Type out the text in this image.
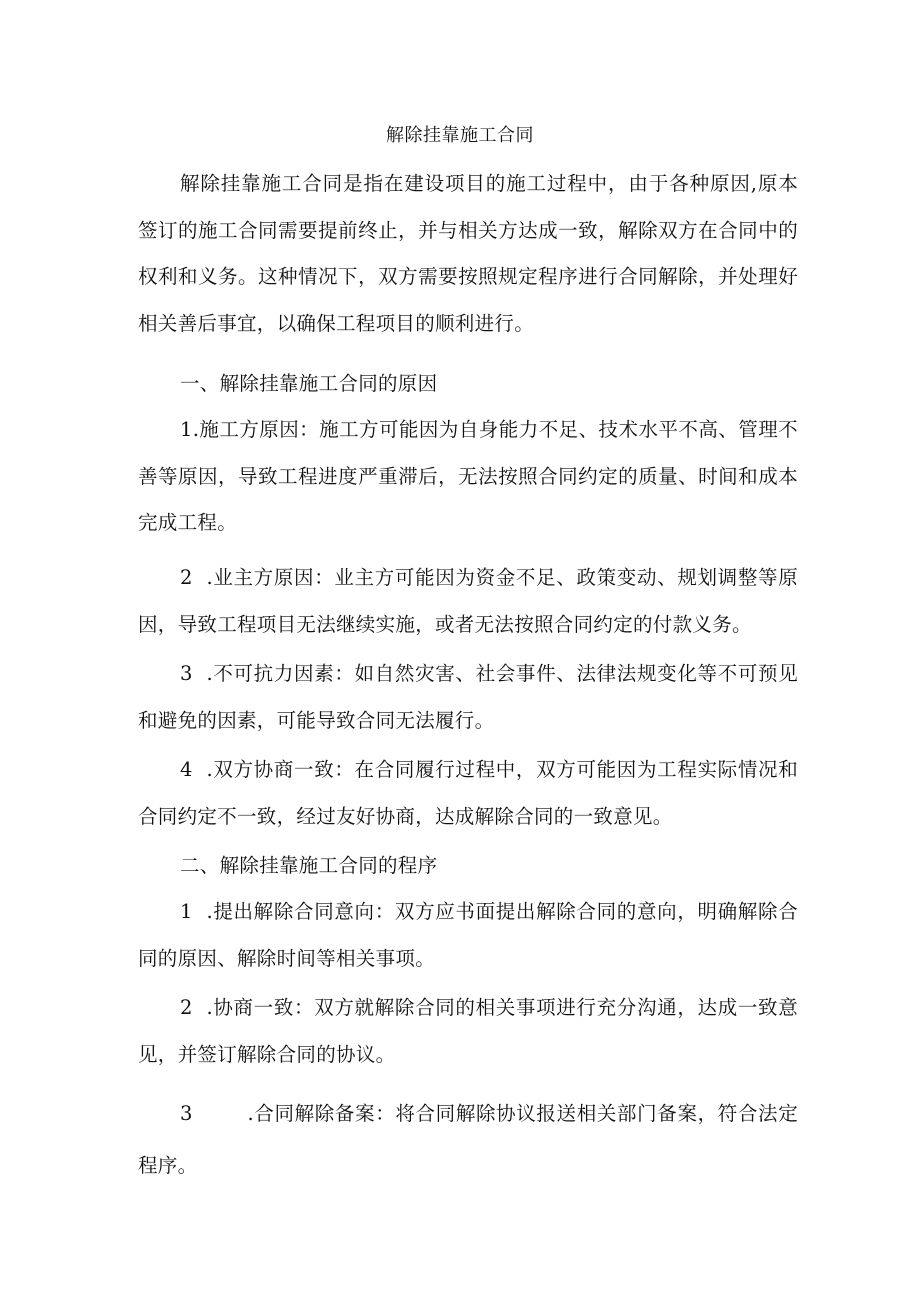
解除挂靠施工合同

解除挂靠施工合同是指在建设项目的施工过程中，由于各种原因,原本签订的施工合同需要提前终止，并与相关方达成一致，解除双方在合同中的权利和义务。这种情况下，双方需要按照规定程序进行合同解除，并处理好相关善后事宜，以确保工程项目的顺利进行。

一、解除挂靠施工合同的原因

1.施工方原因：施工方可能因为自身能力不足、技术水平不高、管理不善等原因，导致工程进度严重滞后，无法按照合同约定的质量、时间和成本完成工程。

2  .业主方原因：业主方可能因为资金不足、政策变动、规划调整等原因，导致工程项目无法继续实施，或者无法按照合同约定的付款义务。

3  .不可抗力因素：如自然灾害、社会事件、法律法规变化等不可预见和避免的因素，可能导致合同无法履行。

4  .双方协商一致：在合同履行过程中，双方可能因为工程实际情况和合同约定不一致，经过友好协商，达成解除合同的一致意见。

二、解除挂靠施工合同的程序

1  .提出解除合同意向：双方应书面提出解除合同的意向，明确解除合同的原因、解除时间等相关事项。

2  .协商一致：双方就解除合同的相关事项进行充分沟通，达成一致意见，并签订解除合同的协议。

3        .合同解除备案：将合同解除协议报送相关部门备案，符合法定程序。
